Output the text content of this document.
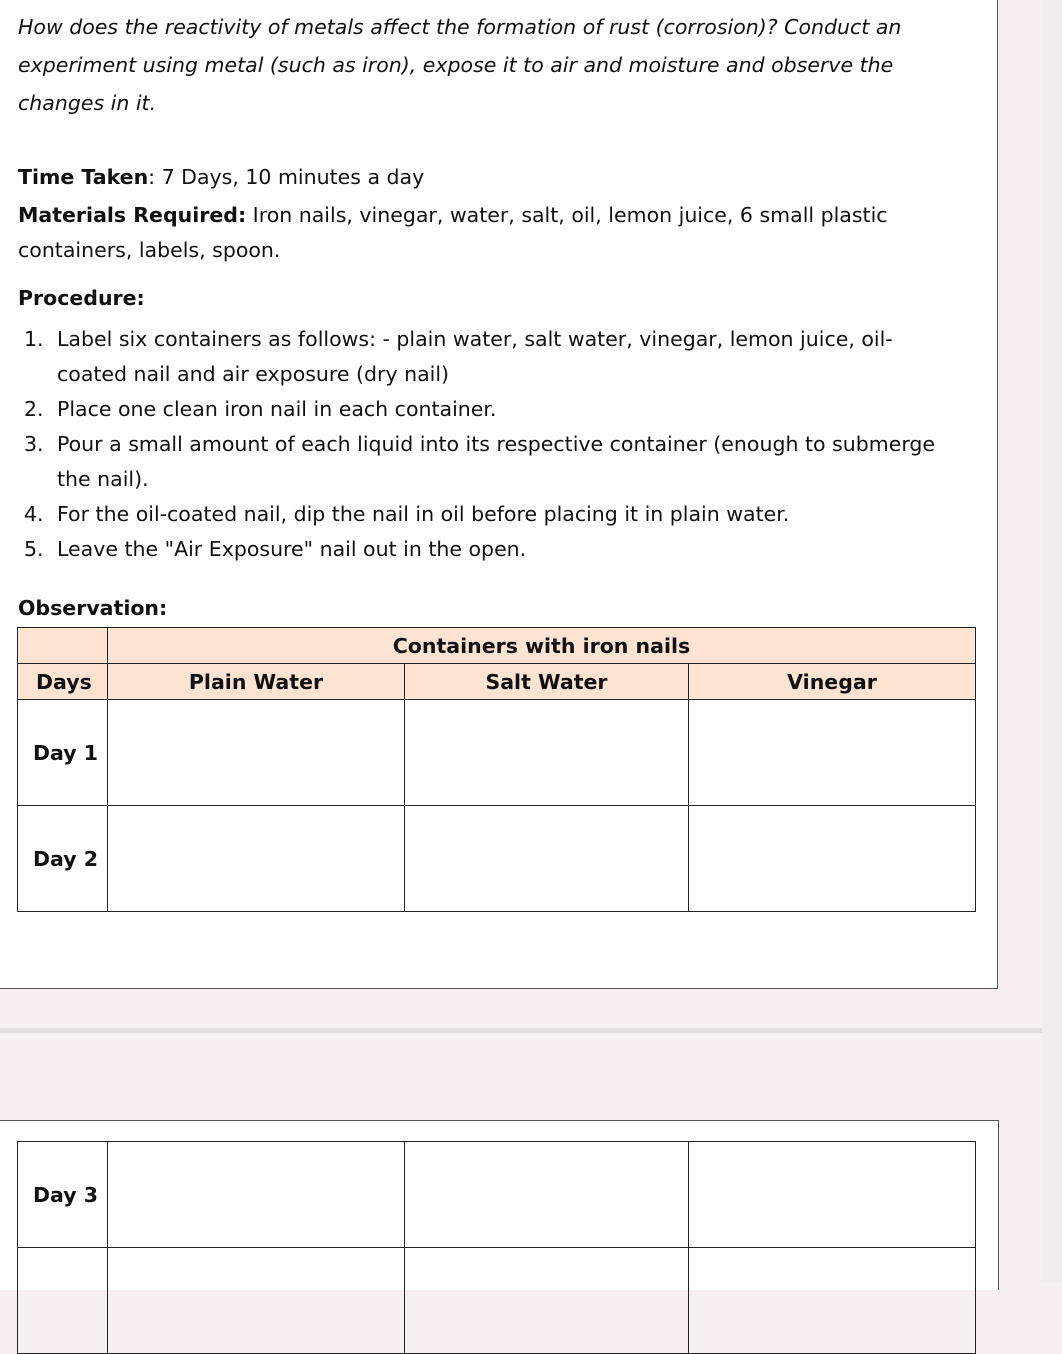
How does the reactivity of metals affect the formation of rust (corrosion)? Conduct an experiment using metal (such as iron), expose it to air and moisture and observe the changes in it.
Time Taken: 7 Days, 10 minutes a day
Materials Required: Iron nails, vinegar, water, salt, oil, lemon juice, 6 small plastic containers, labels, spoon.
Procedure:
1. Label six containers as follows: - plain water, salt water, vinegar, lemon juice, oil- coated nail and air exposure (dry nail)
2. Place one clean iron nail in each container.
3. Pour a small amount of each liquid into its respective container (enough to submerge the nail).
4. For the oil-coated nail, dip the nail in oil before placing it in plain water.
5. Leave the "Air Exposure" nail out in the open.
Observation:
	Containers with iron nails		
Days	Plain Water	Salt Water	Vinegar
Day 1			
Day 2			
Day 3			
